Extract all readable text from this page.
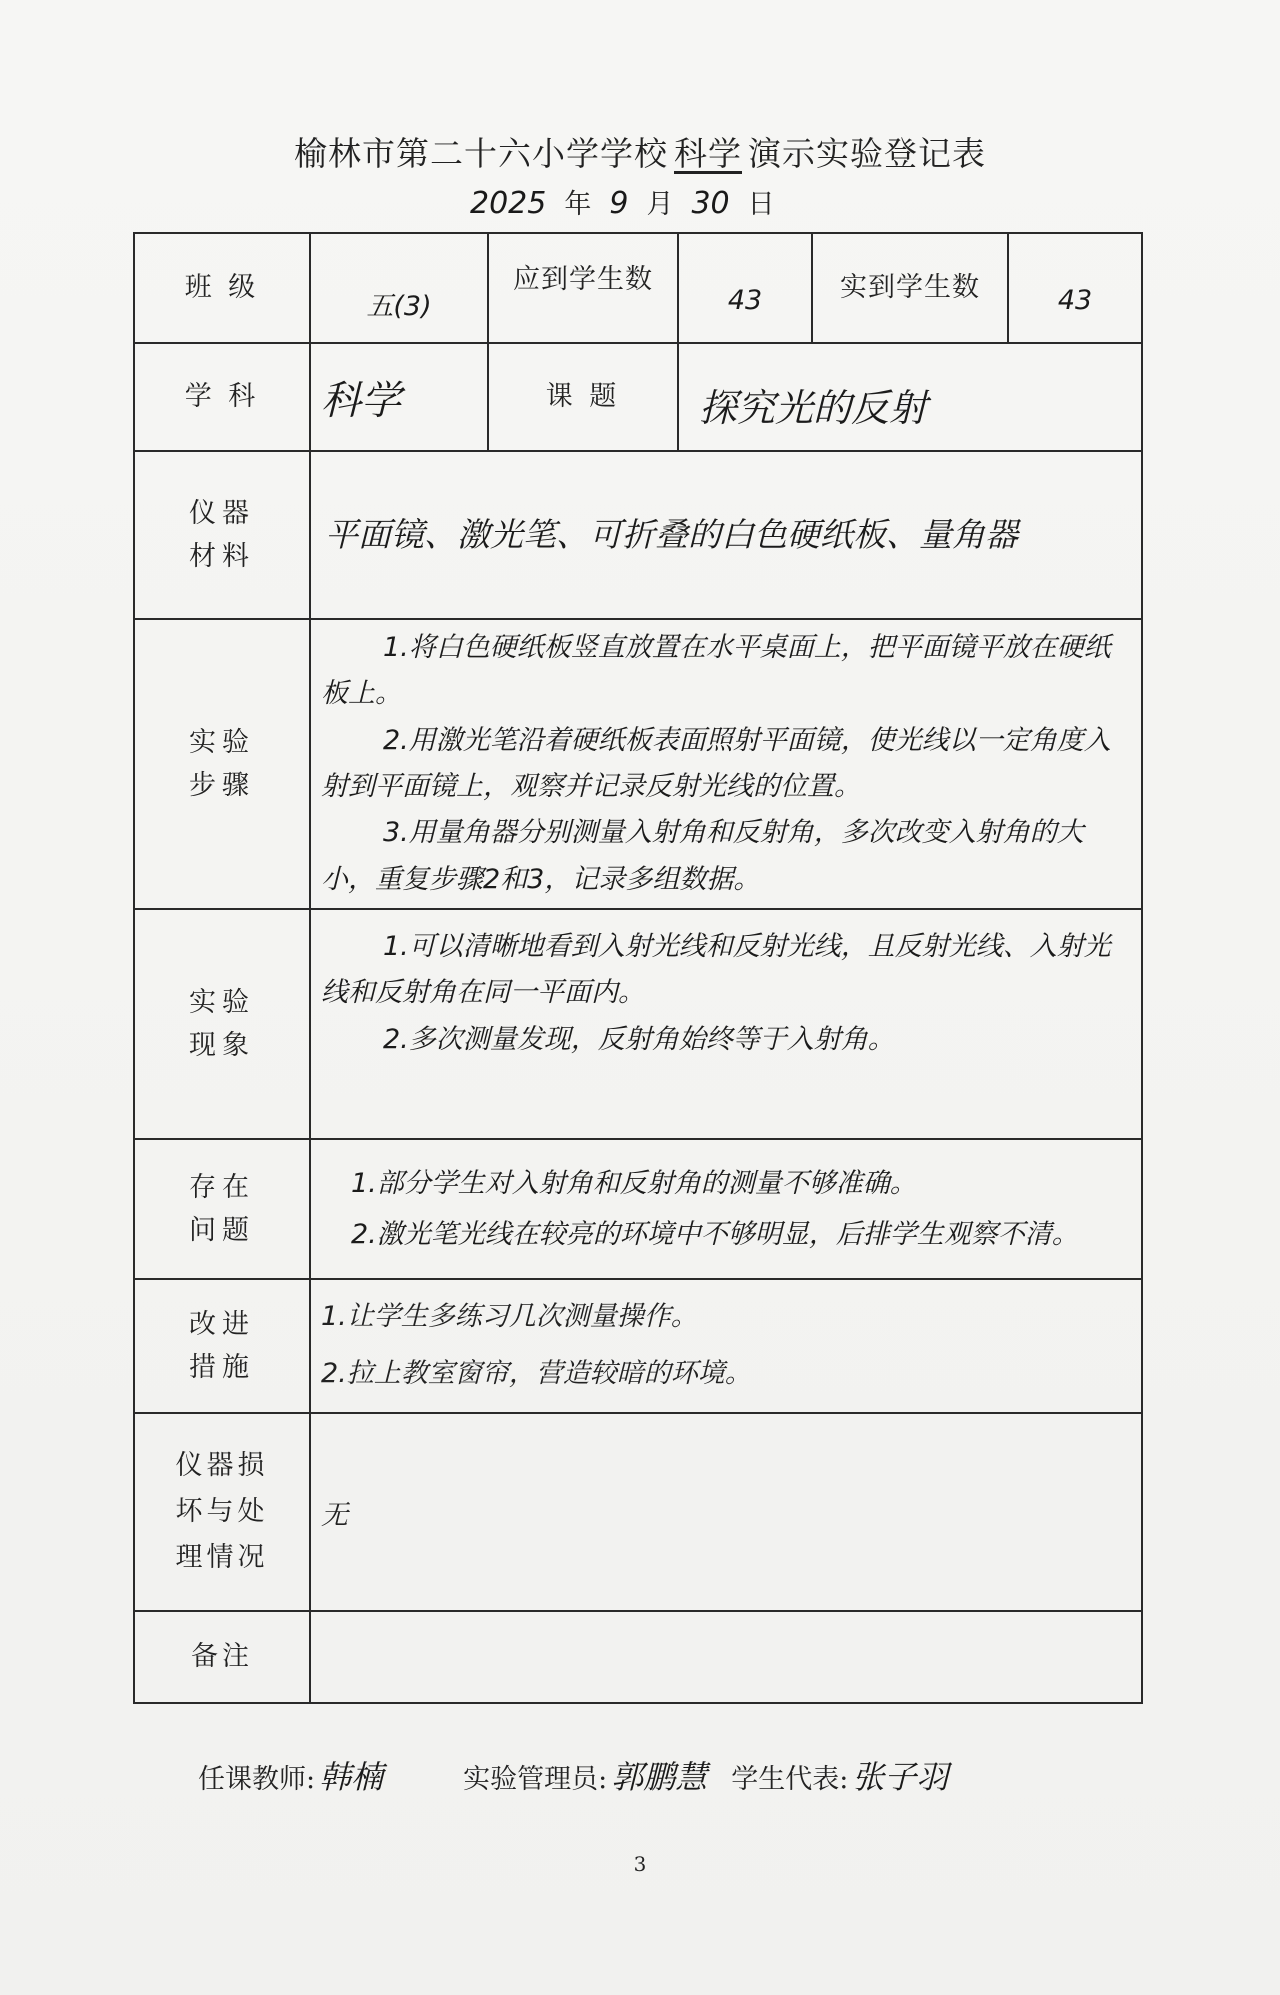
榆林市第二十六小学学校 科学 演示实验登记表
2025 年 9 月 30 日
班 级	五(3)	应到学生数	43	实到学生数	43
学 科	科学	课 题	探究光的反射		
仪器材料	平面镜、激光笔、可折叠的白色硬纸板、量角器				
实验步骤	1.将白色硬纸板竖直放置在水平桌面上，把平面镜平放在硬纸板上。
2.用激光笔沿着硬纸板表面照射平面镜，使光线以一定角度入射到平面镜上，观察并记录反射光线的位置。
3.用量角器分别测量入射角和反射角，多次改变入射角的大小，重复步骤2和3，记录多组数据。				

实验现象	1.可以清晰地看到入射光线和反射光线，且反射光线、入射光线和反射角在同一平面内。
2.多次测量发现，反射角始终等于入射角。				

存在问题	1.部分学生对入射角和反射角的测量不够准确。
2.激光笔光线在较亮的环境中不够明显，后排学生观察不清。				

改进措施	1.让学生多练习几次测量操作。
2.拉上教室窗帘，营造较暗的环境。				

仪器损坏与处理情况	无				
备注					
任课教师: 韩楠	实验管理员: 郭鹏慧 学生代表: 张子羽
3
